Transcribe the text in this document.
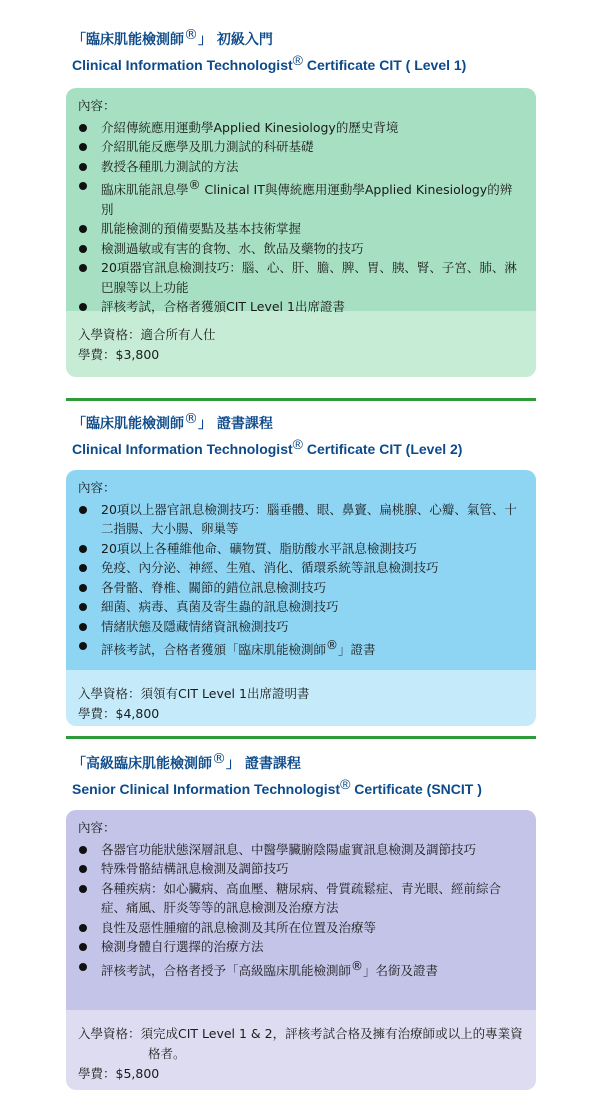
「臨床肌能檢測師®」 初級入門

Clinical Information Technologist® Certificate CIT ( Level 1)

內容：

介紹傳統應用運動學Applied Kinesiology的歷史背境
介紹肌能反應學及肌力測試的科研基礎
教授各種肌力測試的方法
臨床肌能訊息學® Clinical IT與傳統應用運動學Applied Kinesiology的辨別
肌能檢測的預備要點及基本技術掌握
檢測過敏或有害的食物、水、飲品及藥物的技巧
20項器官訊息檢測技巧：腦、心、肝、膽、脾、胃、胰、腎、子宮、肺、淋巴腺等以上功能
評核考試，合格者獲頒CIT Level 1出席證書
入學資格：適合所有人仕
學費：$3,800

「臨床肌能檢測師®」 證書課程

Clinical Information Technologist® Certificate CIT (Level 2)

內容：

20項以上器官訊息檢測技巧：腦垂體、眼、鼻竇、扁桃腺、心瓣、氣管、十二指腸、大小腸、卵巢等
20項以上各種維他命、礦物質、脂肪酸水平訊息檢測技巧
免疫、內分泌、神經、生殖、消化、循環系統等訊息檢測技巧
各骨骼、脊椎、關節的錯位訊息檢測技巧
細菌、病毒、真菌及寄生蟲的訊息檢測技巧
情緒狀態及隱藏情緒資訊檢測技巧
評核考試，合格者獲頒「臨床肌能檢測師®」證書
入學資格：須領有CIT Level 1出席證明書
學費：$4,800

「高級臨床肌能檢測師®」 證書課程

Senior Clinical Information Technologist® Certificate (SNCIT )

內容：

各器官功能狀態深層訊息、中醫學臟腑陰陽虛實訊息檢測及調節技巧
特殊骨骼結構訊息檢測及調節技巧
各種疾病：如心臟病、高血壓、糖尿病、骨質疏鬆症、青光眼、經前綜合症、痛風、肝炎等等的訊息檢測及治療方法
良性及惡性腫瘤的訊息檢測及其所在位置及治療等
檢測身體自行選擇的治療方法
評核考試，合格者授予「高級臨床肌能檢測師®」名銜及證書
入學資格：須完成CIT Level 1 & 2，評核考試合格及擁有治療師或以上的專業資格者。
學費：$5,800
